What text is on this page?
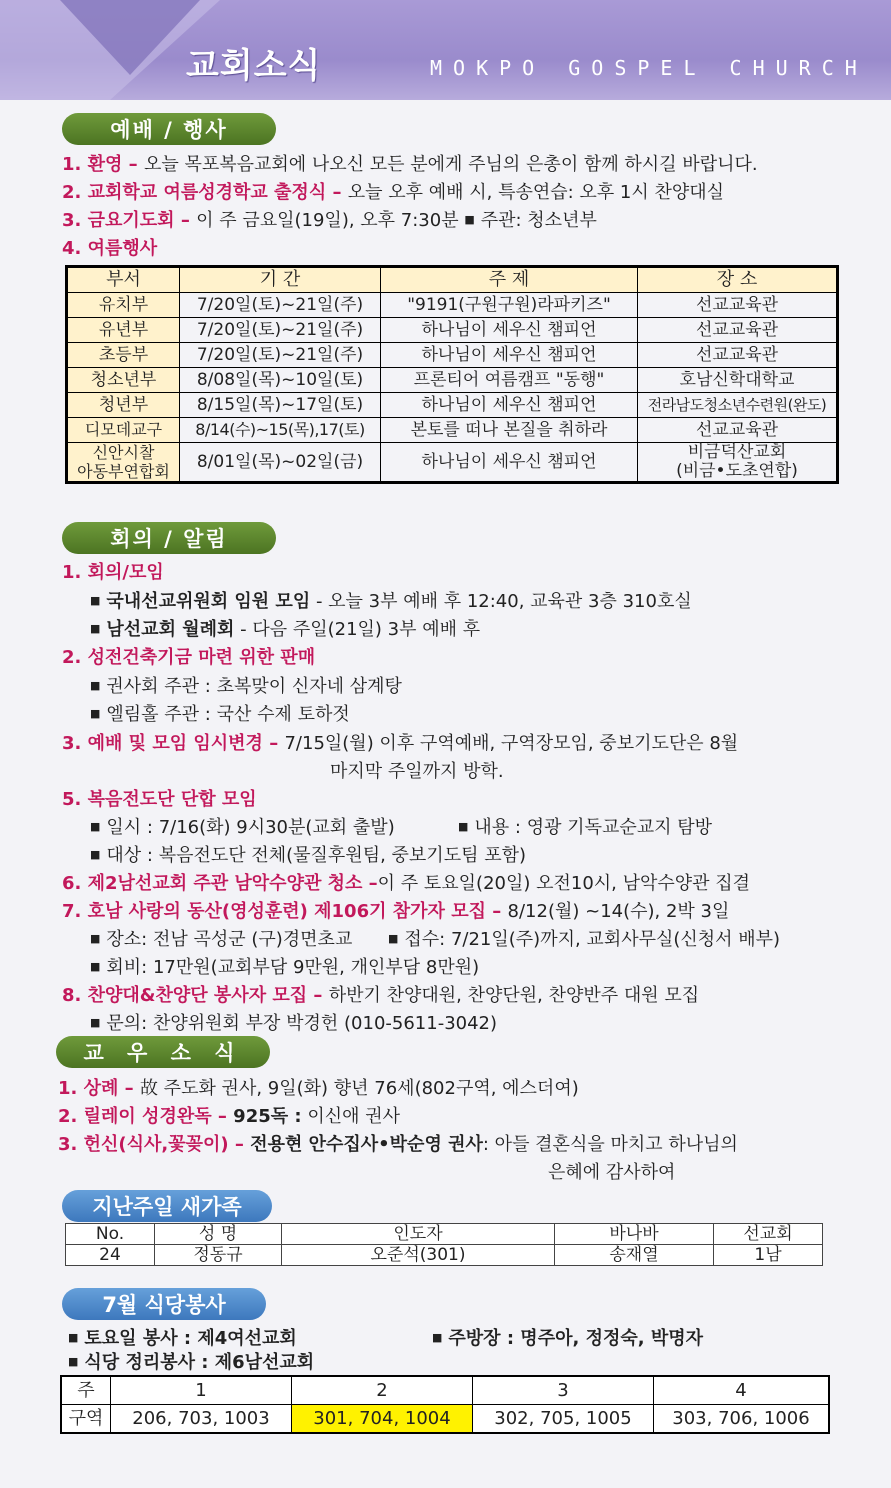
교회소식	MOKPO GOSPEL CHURCH
예배 / 행사
1. 환영 – 오늘 목포복음교회에 나오신 모든 분에게 주님의 은총이 함께 하시길 바랍니다.
2. 교회학교 여름성경학교 출정식 – 오늘 오후 예배 시, 특송연습: 오후 1시 찬양대실
3. 금요기도회 – 이 주 금요일(19일), 오후 7:30분 ■ 주관: 청소년부
4. 여름행사
부서	기 간	주 제	장 소
유치부	7/20일(토)~21일(주)	"9191(구원구원)라파키즈"	선교교육관
유년부	7/20일(토)~21일(주)	하나님이 세우신 챔피언	선교교육관
초등부	7/20일(토)~21일(주)	하나님이 세우신 챔피언	선교교육관
청소년부	8/08일(목)~10일(토)	프론티어 여름캠프 "동행"	호남신학대학교
청년부	8/15일(목)~17일(토)	하나님이 세우신 챔피언	전라남도청소년수련원(완도)
디모데교구	8/14(수)~15(목),17(토)	본토를 떠나 본질을 취하라	선교교육관
신안시찰
아동부연합회	8/01일(목)~02일(금)	하나님이 세우신 챔피언	비금덕산교회
(비금•도초연합)
회의 / 알림
1. 회의/모임
■ 국내선교위원회 임원 모임 - 오늘 3부 예배 후 12:40, 교육관 3층 310호실
■ 남선교회 월례회 - 다음 주일(21일) 3부 예배 후
2. 성전건축기금 마련 위한 판매
■ 권사회 주관 : 초복맞이 신자네 삼계탕
■ 엘림홀 주관 : 국산 수제 토하젓
3. 예배 및 모임 임시변경 – 7/15일(월) 이후 구역예배, 구역장모임, 중보기도단은 8월
마지막 주일까지 방학.
5. 복음전도단 단합 모임
■ 일시 : 7/16(화) 9시30분(교회 출발)	■ 내용 : 영광 기독교순교지 탐방
■ 대상 : 복음전도단 전체(물질후원팀, 중보기도팀 포함)
6. 제2남선교회 주관 남악수양관 청소 –이 주 토요일(20일) 오전10시, 남악수양관 집결
7. 호남 사랑의 동산(영성훈련) 제106기 참가자 모집 – 8/12(월) ~14(수), 2박 3일
■ 장소: 전남 곡성군 (구)경면초교	■ 접수: 7/21일(주)까지, 교회사무실(신청서 배부)
■ 회비: 17만원(교회부담 9만원, 개인부담 8만원)
8. 찬양대&찬양단 봉사자 모집 – 하반기 찬양대원, 찬양단원, 찬양반주 대원 모집
■ 문의: 찬양위원회 부장 박경헌 (010-5611-3042)
교 우 소 식
1. 상례 – 故 주도화 권사, 9일(화) 향년 76세(802구역, 에스더여)
2. 릴레이 성경완독 – 925독 : 이신애 권사
3. 헌신(식사,꽃꽂이) – 전용현 안수집사•박순영 권사: 아들 결혼식을 마치고 하나님의
은혜에 감사하여
지난주일 새가족
No.	성 명	인도자	바나바	선교회
24	정동규	오준석(301)	송재열	1남
7월 식당봉사
■ 토요일 봉사 : 제4여선교회	■ 주방장 : 명주아, 정정숙, 박명자
■ 식당 정리봉사 : 제6남선교회
주	1	2	3	4
구역	206, 703, 1003	301, 704, 1004	302, 705, 1005	303, 706, 1006
